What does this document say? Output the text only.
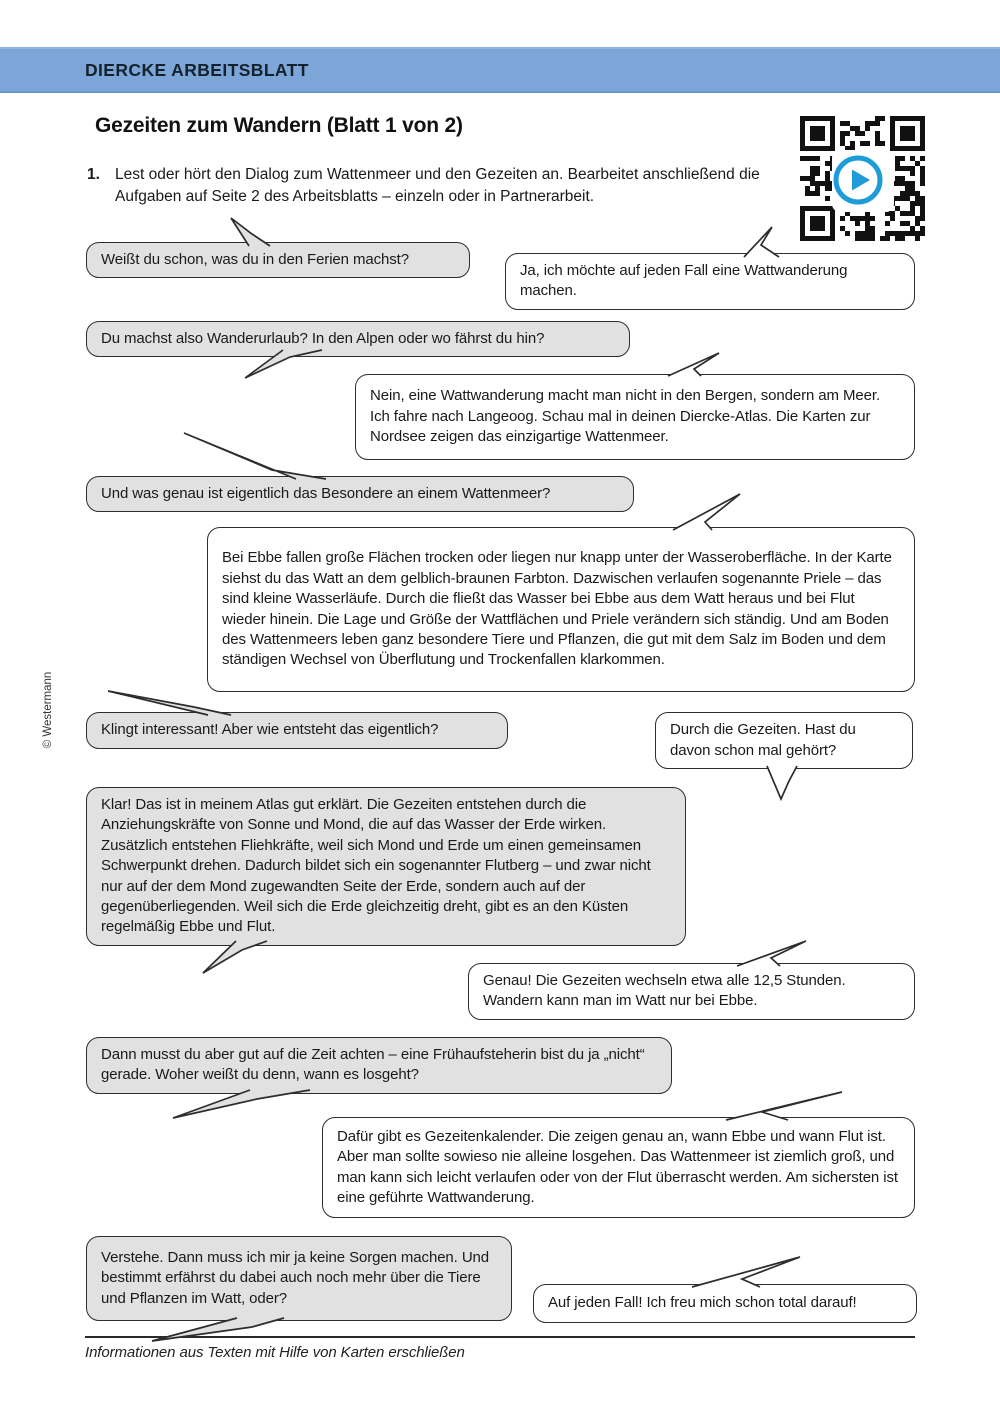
DIERCKE ARBEITSBLATT
Gezeiten zum Wandern (Blatt 1 von 2)
1. Lest oder hört den Dialog zum Wattenmeer und den Gezeiten an. Bearbeitet anschließend die Aufgaben auf Seite 2 des Arbeitsblatts – einzeln oder in Partnerarbeit.
Weißt du schon, was du in den Ferien machst?
Ja, ich möchte auf jeden Fall eine Wattwanderung machen.
Du machst also Wanderurlaub? In den Alpen oder wo fährst du hin?
Nein, eine Wattwanderung macht man nicht in den Bergen, sondern am Meer. Ich fahre nach Langeoog. Schau mal in deinen Diercke-Atlas. Die Karten zur Nordsee zeigen das einzigartige Wattenmeer.
Und was genau ist eigentlich das Besondere an einem Wattenmeer?
Bei Ebbe fallen große Flächen trocken oder liegen nur knapp unter der Wasseroberfläche. In der Karte siehst du das Watt an dem gelblich-braunen Farbton. Dazwischen verlaufen sogenannte Priele – das sind kleine Wasserläufe. Durch die fließt das Wasser bei Ebbe aus dem Watt heraus und bei Flut wieder hinein. Die Lage und Größe der Wattflächen und Priele verändern sich ständig. Und am Boden des Wattenmeers leben ganz besondere Tiere und Pflanzen, die gut mit dem Salz im Boden und dem ständigen Wechsel von Überflutung und Trockenfallen klarkommen.
Klingt interessant! Aber wie entsteht das eigentlich?	Durch die Gezeiten. Hast du davon schon mal gehört?
Klar! Das ist in meinem Atlas gut erklärt. Die Gezeiten entstehen durch die Anziehungskräfte von Sonne und Mond, die auf das Wasser der Erde wirken. Zusätzlich entstehen Fliehkräfte, weil sich Mond und Erde um einen gemeinsamen Schwerpunkt drehen. Dadurch bildet sich ein sogenannter Flutberg – und zwar nicht nur auf der dem Mond zugewandten Seite der Erde, sondern auch auf der gegenüberliegenden. Weil sich die Erde gleichzeitig dreht, gibt es an den Küsten regelmäßig Ebbe und Flut.
Genau! Die Gezeiten wechseln etwa alle 12,5 Stunden. Wandern kann man im Watt nur bei Ebbe.
Dann musst du aber gut auf die Zeit achten – eine Frühaufsteherin bist du ja „nicht“ gerade. Woher weißt du denn, wann es losgeht?
Dafür gibt es Gezeitenkalender. Die zeigen genau an, wann Ebbe und wann Flut ist. Aber man sollte sowieso nie alleine losgehen. Das Wattenmeer ist ziemlich groß, und man kann sich leicht verlaufen oder von der Flut überrascht werden. Am sichersten ist eine geführte Wattwanderung.
Verstehe. Dann muss ich mir ja keine Sorgen machen. Und bestimmt erfährst du dabei auch noch mehr über die Tiere und Pflanzen im Watt, oder?	Auf jeden Fall! Ich freu mich schon total darauf!
Informationen aus Texten mit Hilfe von Karten erschließen
© Westermann
